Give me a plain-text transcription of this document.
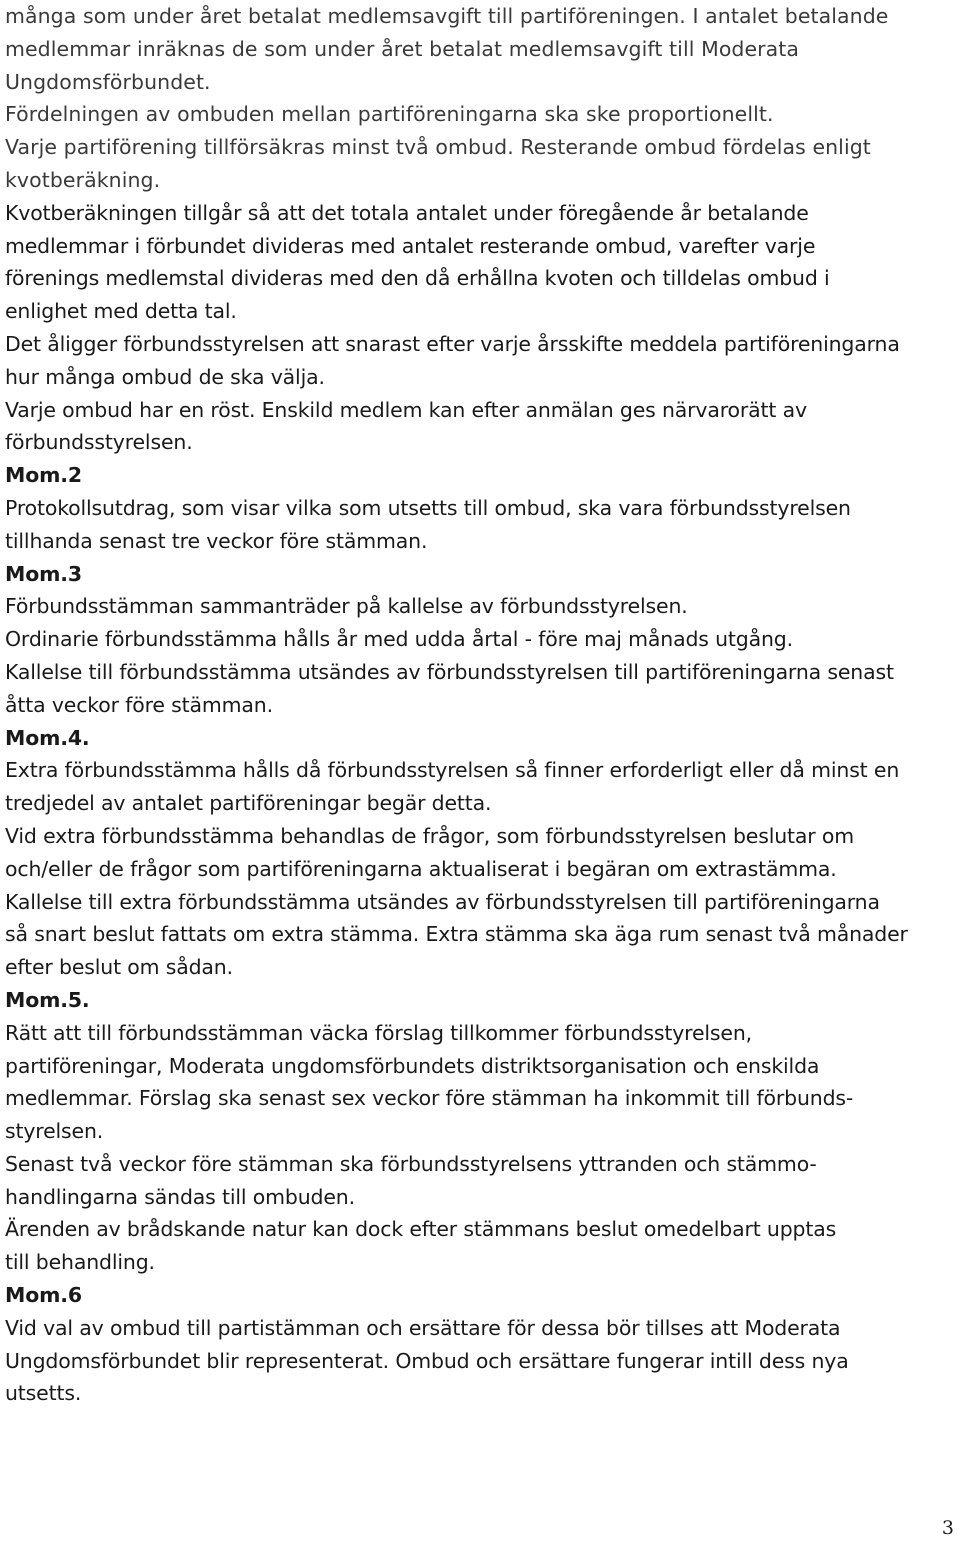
många som under året betalat medlemsavgift till partiföreningen. I antalet betalande
medlemmar inräknas de som under året betalat medlemsavgift till Moderata
Ungdomsförbundet.
Fördelningen av ombuden mellan partiföreningarna ska ske proportionellt.
Varje partiförening tillförsäkras minst två ombud. Resterande ombud fördelas enligt
kvotberäkning.
Kvotberäkningen tillgår så att det totala antalet under föregående år betalande
medlemmar i förbundet divideras med antalet resterande ombud, varefter varje
förenings medlemstal divideras med den då erhållna kvoten och tilldelas ombud i
enlighet med detta tal.
Det åligger förbundsstyrelsen att snarast efter varje årsskifte meddela partiföreningarna
hur många ombud de ska välja.
Varje ombud har en röst. Enskild medlem kan efter anmälan ges närvarorätt av
förbundsstyrelsen.
Mom.2
Protokollsutdrag, som visar vilka som utsetts till ombud, ska vara förbundsstyrelsen
tillhanda senast tre veckor före stämman.
Mom.3
Förbundsstämman sammanträder på kallelse av förbundsstyrelsen.
Ordinarie förbundsstämma hålls år med udda årtal - före maj månads utgång.
Kallelse till förbundsstämma utsändes av förbundsstyrelsen till partiföreningarna senast
åtta veckor före stämman.
Mom.4.
Extra förbundsstämma hålls då förbundsstyrelsen så finner erforderligt eller då minst en
tredjedel av antalet partiföreningar begär detta.
Vid extra förbundsstämma behandlas de frågor, som förbundsstyrelsen beslutar om
och/eller de frågor som partiföreningarna aktualiserat i begäran om extrastämma.
Kallelse till extra förbundsstämma utsändes av förbundsstyrelsen till partiföreningarna
så snart beslut fattats om extra stämma. Extra stämma ska äga rum senast två månader
efter beslut om sådan.
Mom.5.
Rätt att till förbundsstämman väcka förslag tillkommer förbundsstyrelsen,
partiföreningar, Moderata ungdomsförbundets distriktsorganisation och enskilda
medlemmar. Förslag ska senast sex veckor före stämman ha inkommit till förbunds-
styrelsen.
Senast två veckor före stämman ska förbundsstyrelsens yttranden och stämmo-
handlingarna sändas till ombuden.
Ärenden av brådskande natur kan dock efter stämmans beslut omedelbart upptas
till behandling.
Mom.6
Vid val av ombud till partistämman och ersättare för dessa bör tillses att Moderata
Ungdomsförbundet blir representerat. Ombud och ersättare fungerar intill dess nya
utsetts.
3
